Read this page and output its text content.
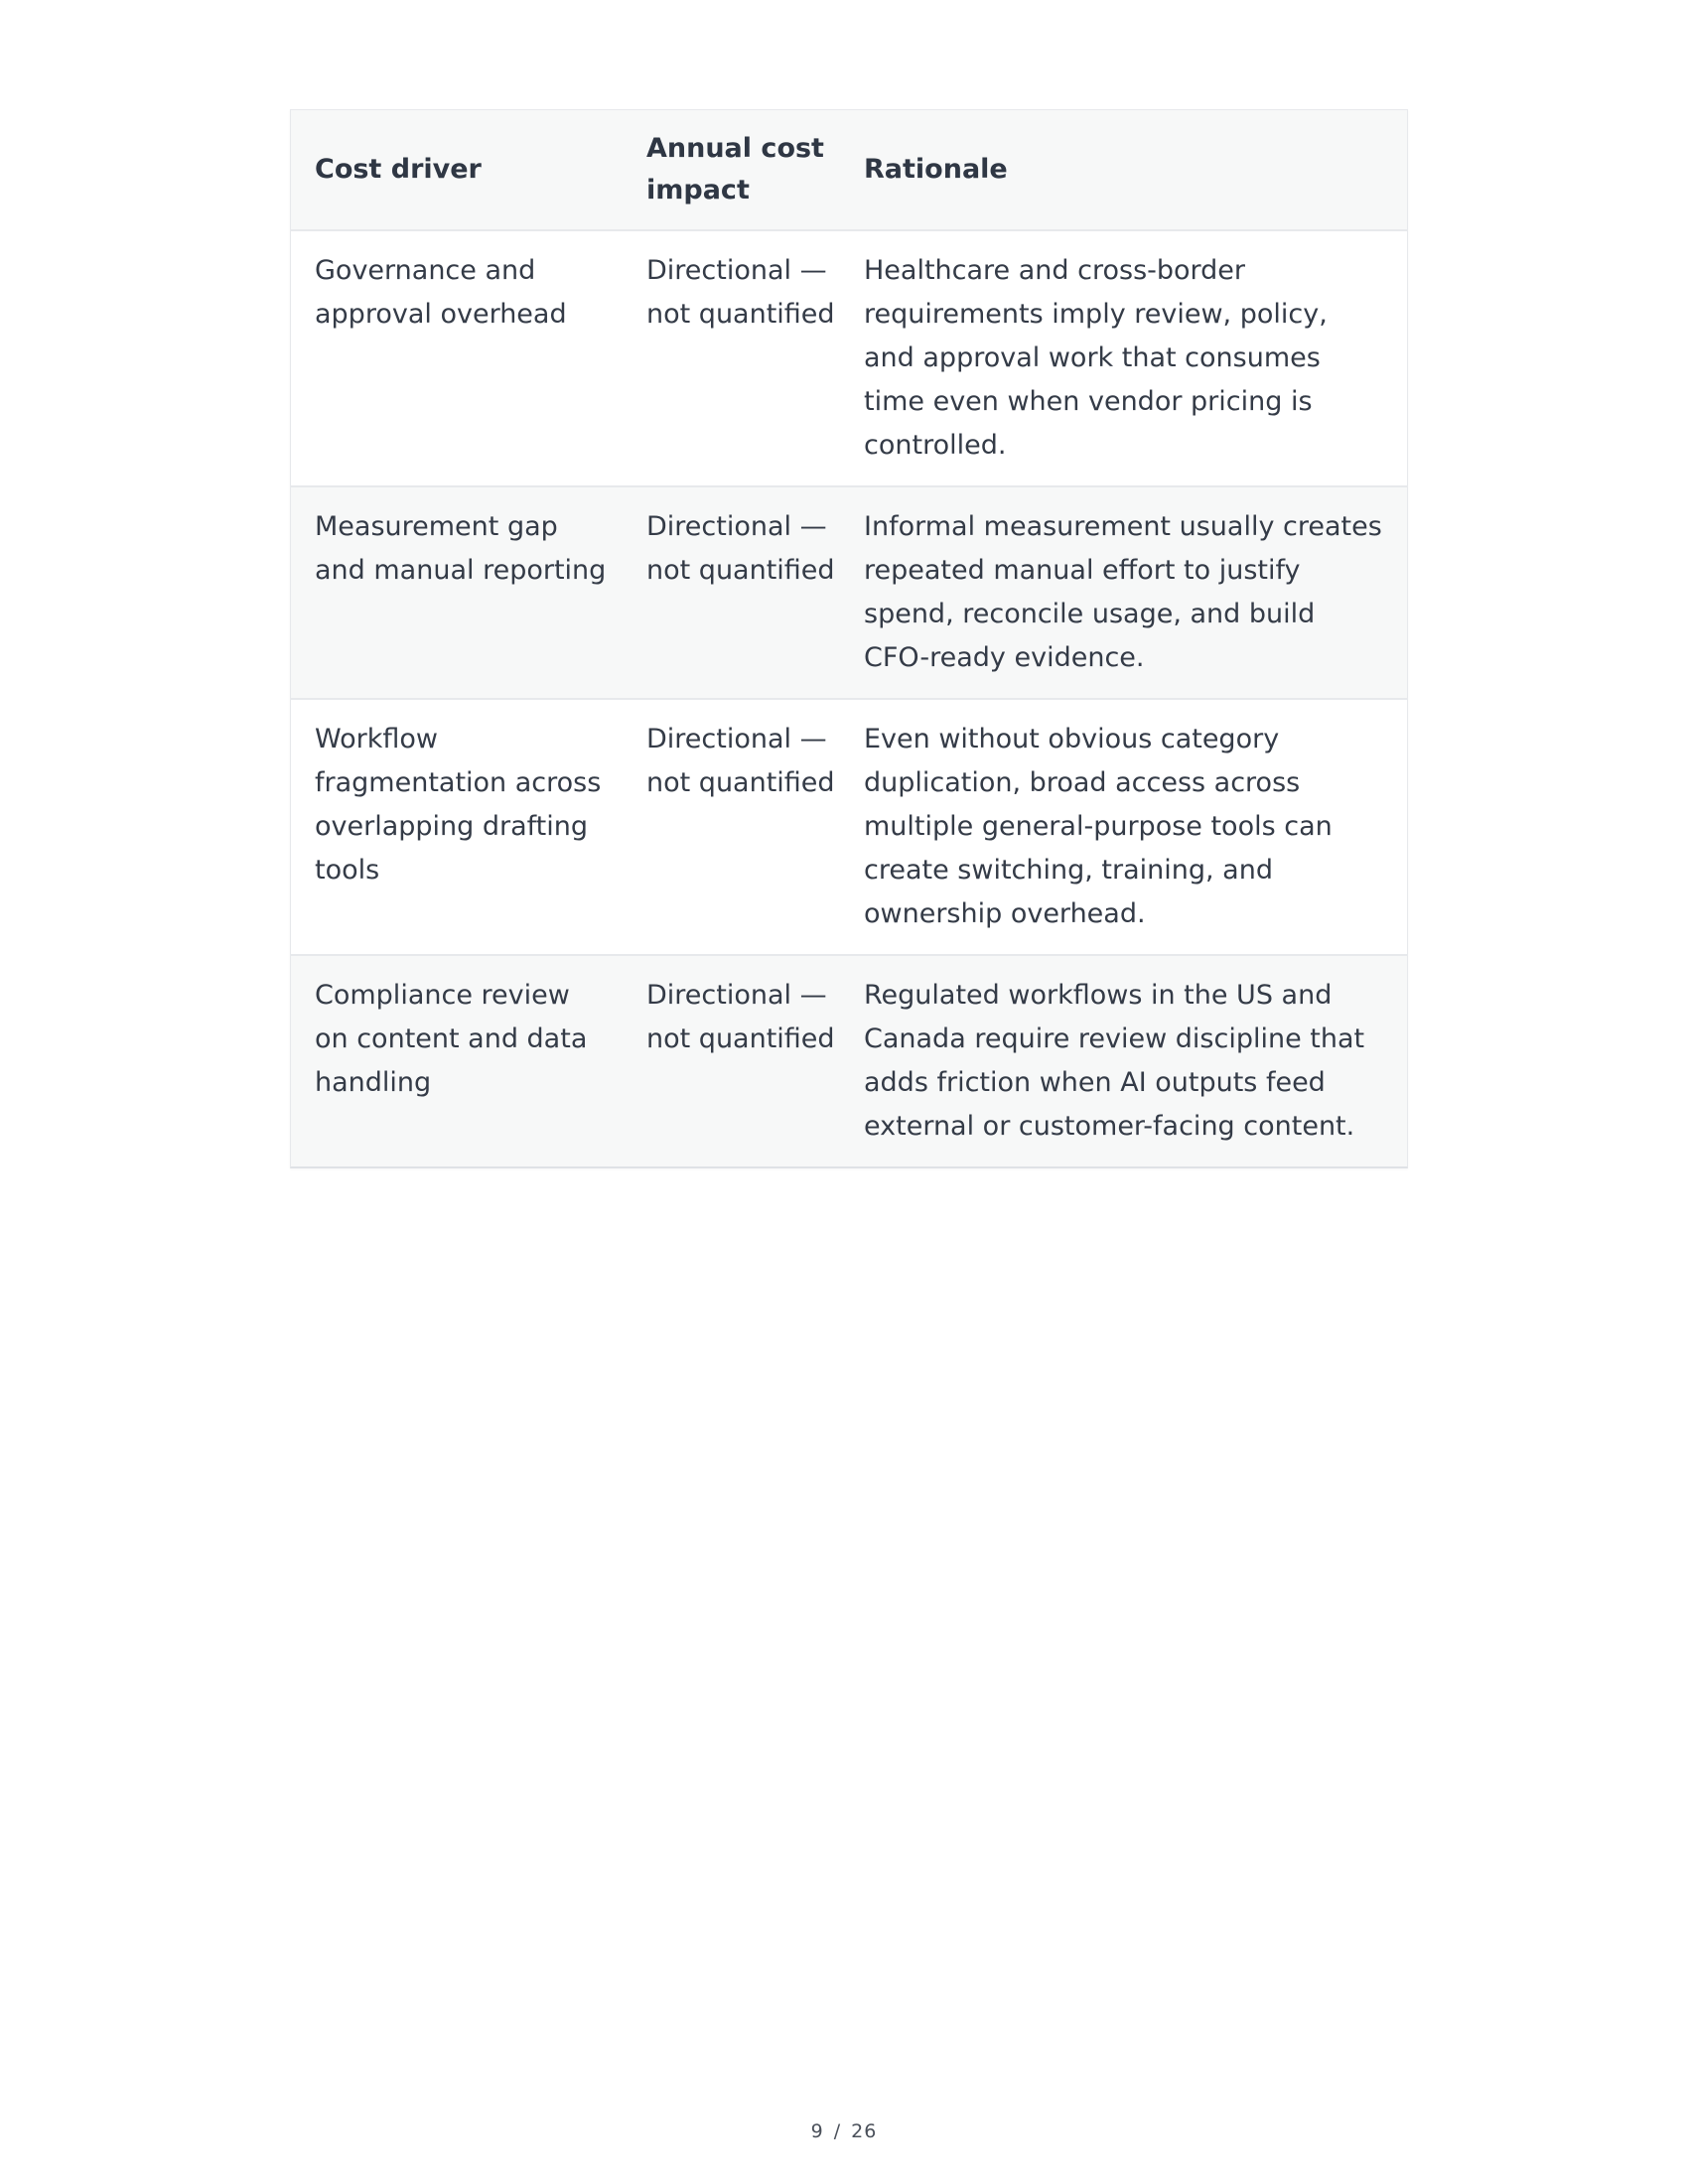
Cost driver	Annual cost impact	Rationale
Governance and approval overhead	Directional — not quantified	Healthcare and cross-border requirements imply review, policy, and approval work that consumes time even when vendor pricing is controlled.
Measurement gap and manual reporting	Directional — not quantified	Informal measurement usually creates repeated manual effort to justify spend, reconcile usage, and build CFO-ready evidence.
Workflow fragmentation across overlapping drafting tools	Directional — not quantified	Even without obvious category duplication, broad access across multiple general-purpose tools can create switching, training, and ownership overhead.
Compliance review on content and data handling	Directional — not quantified	Regulated workflows in the US and Canada require review discipline that adds friction when AI outputs feed external or customer-facing content.
9 / 26
